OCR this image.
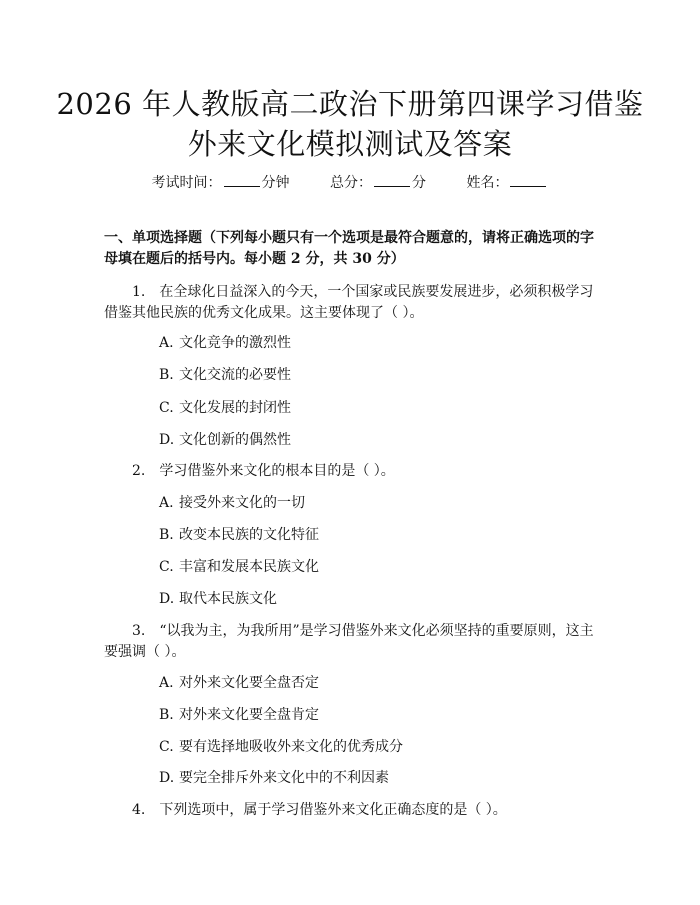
2026 年人教版高二政治下册第四课学习借鉴
外来文化模拟测试及答案
考试时间：	分钟	总分：	分	姓名：
一、单项选择题（下列每小题只有一个选项是最符合题意的，请将正确选项的字母填在题后的括号内。每小题 2 分，共 30 分）
1. 在全球化日益深入的今天，一个国家或民族要发展进步，必须积极学习借鉴其他民族的优秀文化成果。这主要体现了（ ）。
A. 文化竞争的激烈性
B. 文化交流的必要性
C. 文化发展的封闭性
D. 文化创新的偶然性
2. 学习借鉴外来文化的根本目的是（ ）。
A. 接受外来文化的一切
B. 改变本民族的文化特征
C. 丰富和发展本民族文化
D. 取代本民族文化
3. “以我为主，为我所用”是学习借鉴外来文化必须坚持的重要原则，这主要强调（ ）。
A. 对外来文化要全盘否定
B. 对外来文化要全盘肯定
C. 要有选择地吸收外来文化的优秀成分
D. 要完全排斥外来文化中的不利因素
4. 下列选项中，属于学习借鉴外来文化正确态度的是（ ）。
